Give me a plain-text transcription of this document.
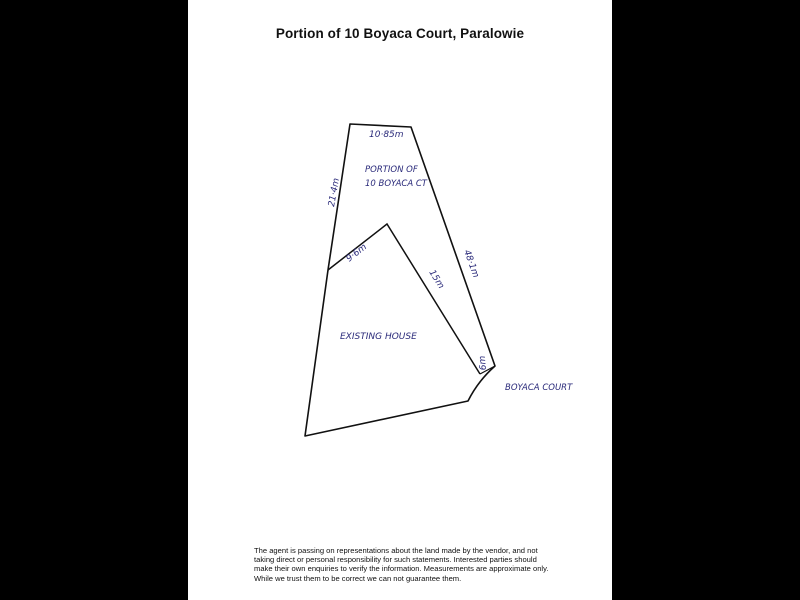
Portion of 10 Boyaca Court, Paralowie
10·85m
21·4m
48·1m
9·6m
15m
6m
PORTION OF
10 BOYACA CT
EXISTING HOUSE
BOYACA COURT
The agent is passing on representations about the land made by the vendor, and not taking direct or personal responsibility for such statements. Interested parties should make their own enquiries to verify the information. Measurements are approximate only. While we trust them to be correct we can not guarantee them.
